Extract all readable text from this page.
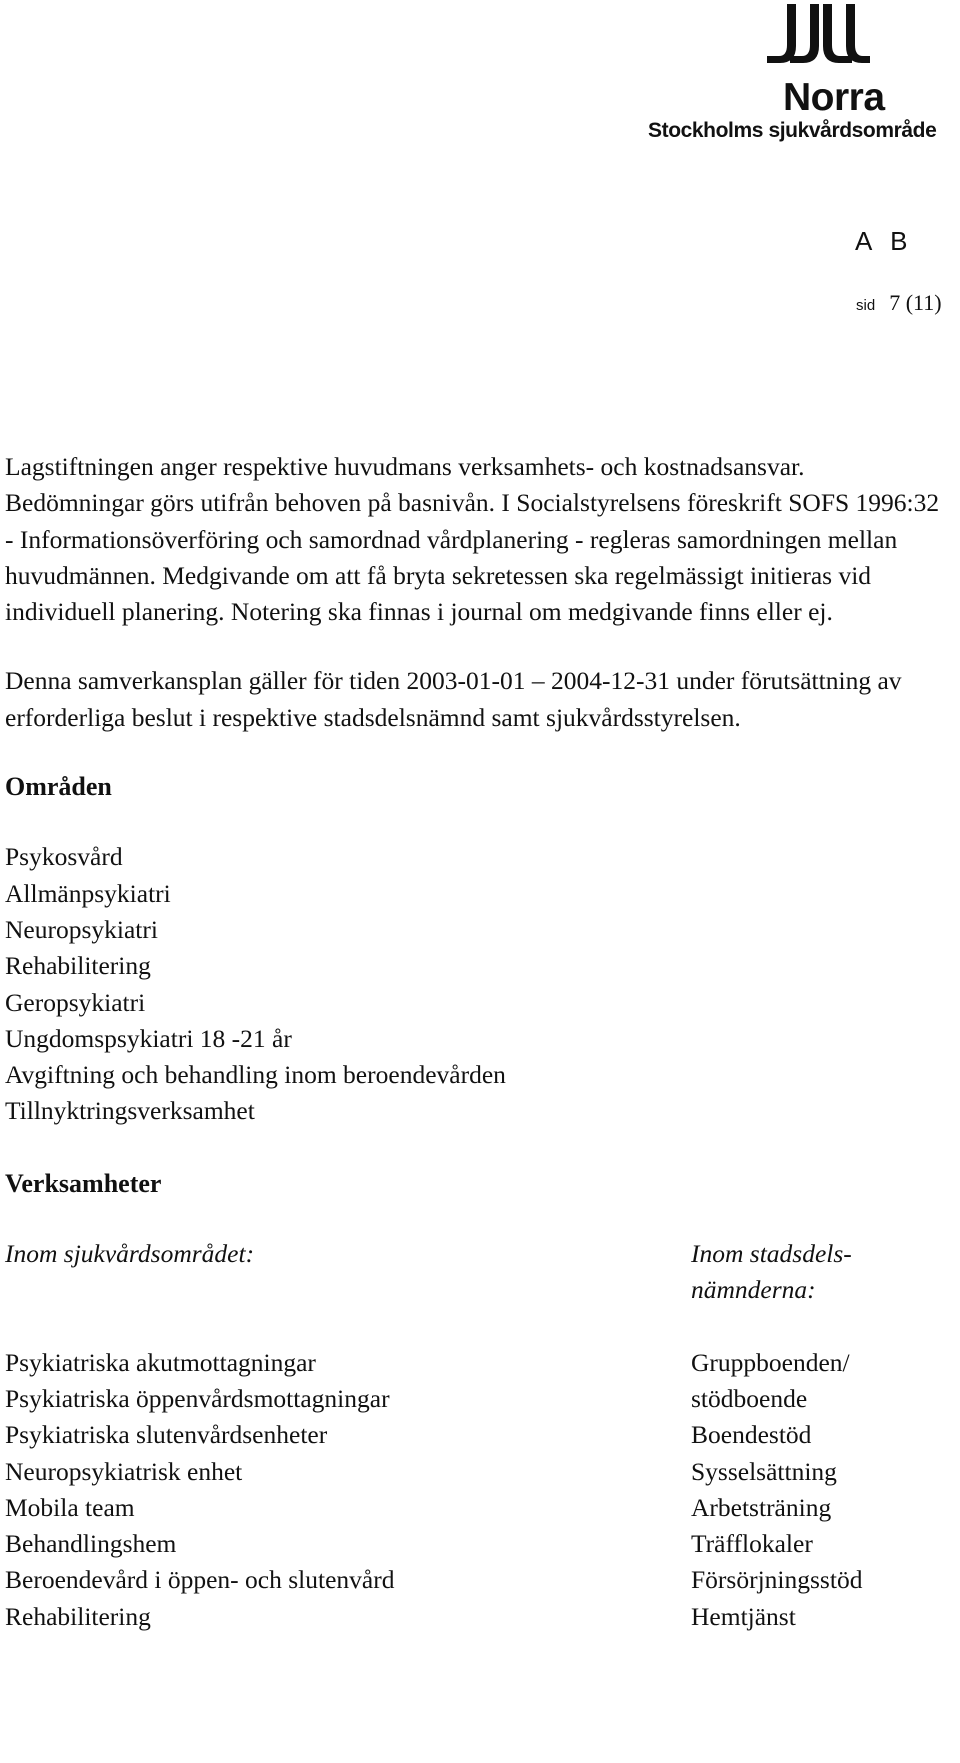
Norra
Stockholms sjukvårdsområde
A B
sid 7 (11)

Lagstiftningen anger respektive huvudmans verksamhets- och kostnadsansvar. Bedömningar görs utifrån behoven på basnivån. I Socialstyrelsens föreskrift SOFS 1996:32 - Informationsöverföring och samordnad vårdplanering - regleras samordningen mellan huvudmännen. Medgivande om att få bryta sekretessen ska regelmässigt initieras vid individuell planering. Notering ska finnas i journal om medgivande finns eller ej.

Denna samverkansplan gäller för tiden 2003-01-01 – 2004-12-31 under förutsättning av erforderliga beslut i respektive stadsdelsnämnd samt sjukvårdsstyrelsen.

Områden

Psykosvård
Allmänpsykiatri
Neuropsykiatri
Rehabilitering
Geropsykiatri
Ungdomspsykiatri 18 -21 år
Avgiftning och behandling inom beroendevården
Tillnyktringsverksamhet

Verksamheter

Inom sjukvårdsområdet:

Psykiatriska akutmottagningar
Psykiatriska öppenvårdsmottagningar
Psykiatriska slutenvårdsenheter
Neuropsykiatrisk enhet
Mobila team
Behandlingshem
Beroendevård i öppen- och slutenvård
Rehabilitering

Inom stadsdels-
nämnderna:

Gruppboenden/
stödboende
Boendestöd
Sysselsättning
Arbetsträning
Träfflokaler
Försörjningsstöd
Hemtjänst
